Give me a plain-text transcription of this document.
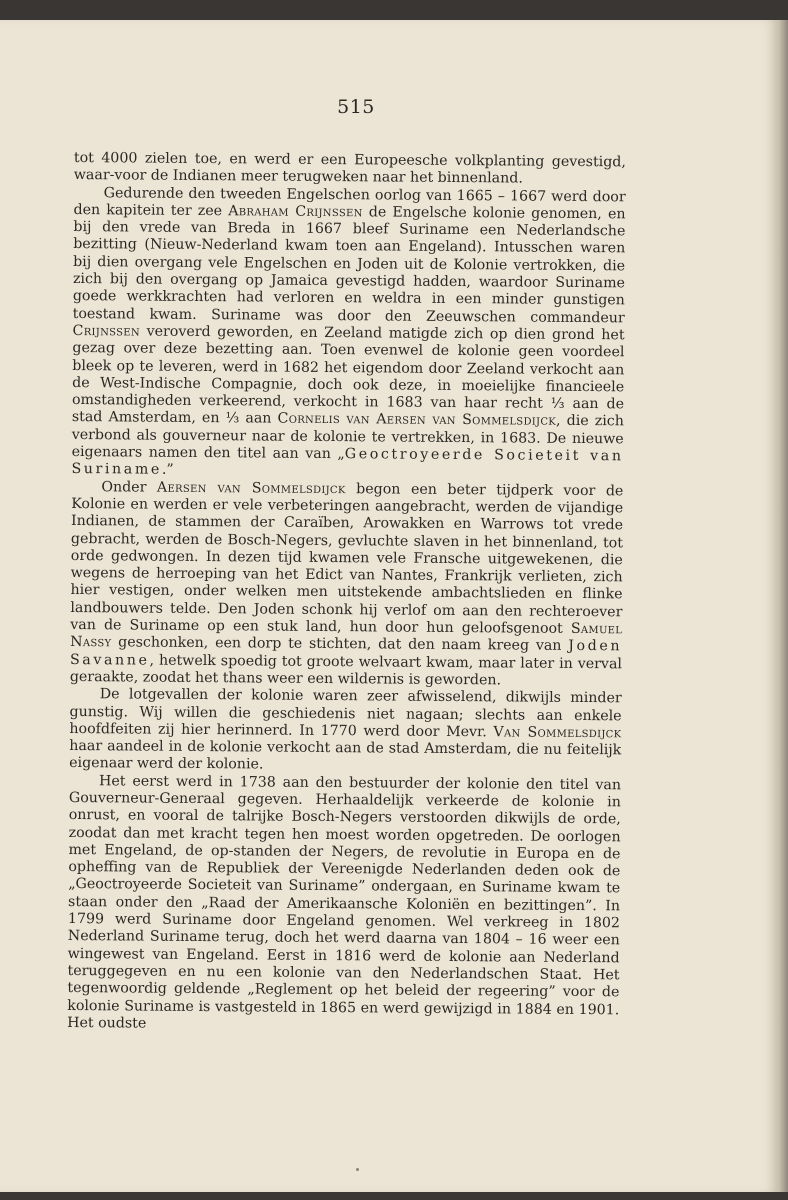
515

tot 4000 zielen toe, en werd er een Europeesche volkplanting gevestigd, waar-voor de Indianen meer terugweken naar het binnenland.

Gedurende den tweeden Engelschen oorlog van 1665 – 1667 werd door den kapitein ter zee Abraham Crijnssen de Engelsche kolonie genomen, en bij den vrede van Breda in 1667 bleef Suriname een Nederlandsche bezitting (Nieuw-Nederland kwam toen aan Engeland). Intusschen waren bij dien overgang vele Engelschen en Joden uit de Kolonie vertrokken, die zich bij den overgang op Jamaica gevestigd hadden, waardoor Suriname goede werkkrachten had verloren en weldra in een minder gunstigen toestand kwam. Suriname was door den Zeeuwschen commandeur Crijnssen veroverd geworden, en Zeeland matigde zich op dien grond het gezag over deze bezetting aan. Toen evenwel de kolonie geen voordeel bleek op te leveren, werd in 1682 het eigendom door Zeeland verkocht aan de West-Indische Compagnie, doch ook deze, in moeielijke financieele omstandigheden verkeerend, verkocht in 1683 van haar recht ⅓ aan de stad Amsterdam, en ⅓ aan Cornelis van Aersen van Sommelsdijck, die zich verbond als gouverneur naar de kolonie te vertrekken, in 1683. De nieuwe eigenaars namen den titel aan van „Geoctroyeerde Societeit van Suriname.”

Onder Aersen van Sommelsdijck begon een beter tijdperk voor de Kolonie en werden er vele verbeteringen aangebracht, werden de vijandige Indianen, de stammen der Caraïben, Arowakken en Warrows tot vrede gebracht, werden de Bosch-Negers, gevluchte slaven in het binnenland, tot orde gedwongen. In dezen tijd kwamen vele Fransche uitgewekenen, die wegens de herroeping van het Edict van Nantes, Frankrijk verlieten, zich hier vestigen, onder welken men uitstekende ambachtslieden en flinke landbouwers telde. Den Joden schonk hij verlof om aan den rechteroever van de Suriname op een stuk land, hun door hun geloofsgenoot Samuel Nassy geschonken, een dorp te stichten, dat den naam kreeg van Joden Savanne, hetwelk spoedig tot groote welvaart kwam, maar later in verval geraakte, zoodat het thans weer een wildernis is geworden.

De lotgevallen der kolonie waren zeer afwisselend, dikwijls minder gunstig. Wij willen die geschiedenis niet nagaan; slechts aan enkele hoofdfeiten zij hier herinnerd. In 1770 werd door Mevr. Van Sommelsdijck haar aandeel in de kolonie verkocht aan de stad Amsterdam, die nu feitelijk eigenaar werd der kolonie.

Het eerst werd in 1738 aan den bestuurder der kolonie den titel van Gouverneur-Generaal gegeven. Herhaaldelijk verkeerde de kolonie in onrust, en vooral de talrijke Bosch-Negers verstoorden dikwijls de orde, zoodat dan met kracht tegen hen moest worden opgetreden. De oorlogen met Engeland, de op-standen der Negers, de revolutie in Europa en de opheffing van de Republiek der Vereenigde Nederlanden deden ook de „Geoctroyeerde Societeit van Suriname” ondergaan, en Suriname kwam te staan onder den „Raad der Amerikaansche Koloniën en bezittingen”. In 1799 werd Suriname door Engeland genomen. Wel verkreeg in 1802 Nederland Suriname terug, doch het werd daarna van 1804 – 16 weer een wingewest van Engeland. Eerst in 1816 werd de kolonie aan Nederland teruggegeven en nu een kolonie van den Nederlandschen Staat. Het tegenwoordig geldende „Reglement op het beleid der regeering” voor de kolonie Suriname is vastgesteld in 1865 en werd gewijzigd in 1884 en 1901. Het oudste
